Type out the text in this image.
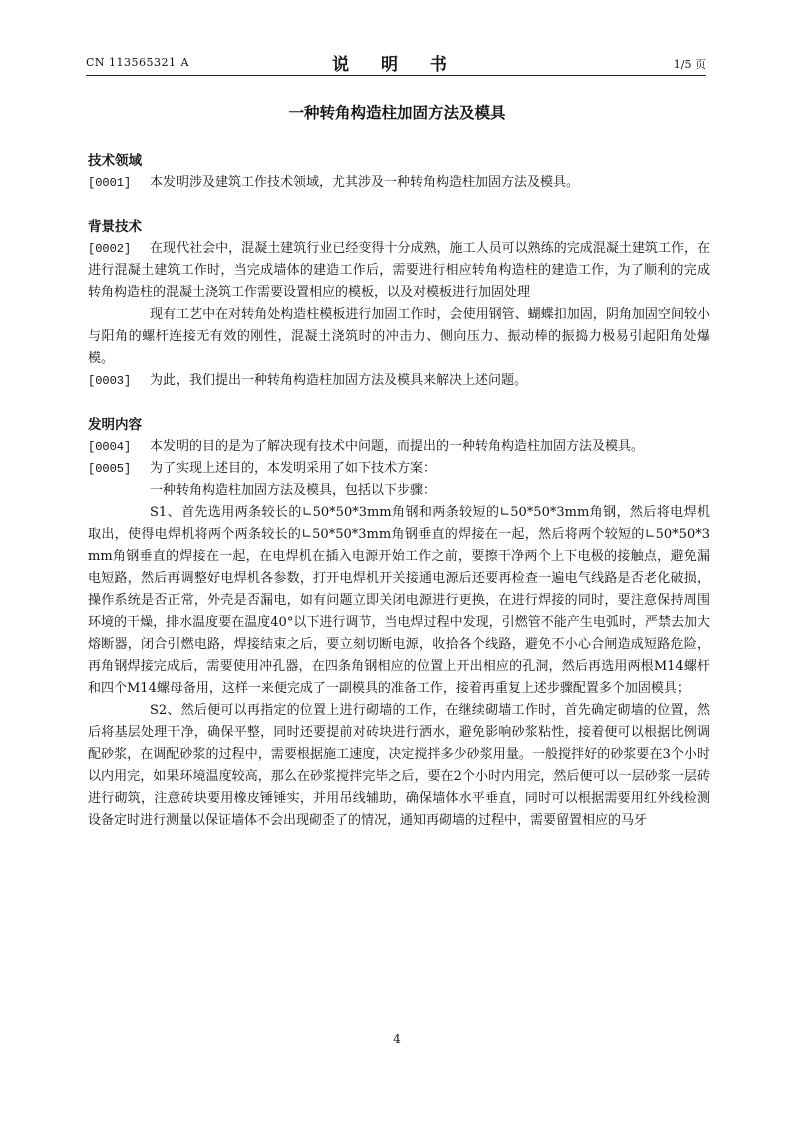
CN 113565321 A	说 明 书	1/5 页
一种转角构造柱加固方法及模具
技术领域
[0001] 本发明涉及建筑工作技术领域，尤其涉及一种转角构造柱加固方法及模具。
背景技术
[0002] 在现代社会中，混凝土建筑行业已经变得十分成熟，施工人员可以熟练的完成混凝土建筑工作，在进行混凝土建筑工作时，当完成墙体的建造工作后，需要进行相应转角构造柱的建造工作，为了顺利的完成转角构造柱的混凝土浇筑工作需要设置相应的模板，以及对模板进行加固处理
现有工艺中在对转角处构造柱模板进行加固工作时，会使用钢管、蝴蝶扣加固，阴角加固空间较小与阳角的螺杆连接无有效的刚性，混凝土浇筑时的冲击力、侧向压力、振动棒的振捣力极易引起阳角处爆模。
[0003] 为此，我们提出一种转角构造柱加固方法及模具来解决上述问题。
发明内容
[0004] 本发明的目的是为了解决现有技术中问题，而提出的一种转角构造柱加固方法及模具。
[0005] 为了实现上述目的，本发明采用了如下技术方案：
一种转角构造柱加固方法及模具，包括以下步骤：
S1、首先选用两条较长的∟50*50*3mm角钢和两条较短的∟50*50*3mm角钢，然后将电焊机取出，使得电焊机将两个两条较长的∟50*50*3mm角钢垂直的焊接在一起，然后将两个较短的∟50*50*3mm角钢垂直的焊接在一起，在电焊机在插入电源开始工作之前，要擦干净两个上下电极的接触点，避免漏电短路，然后再调整好电焊机各参数，打开电焊机开关接通电源后还要再检查一遍电气线路是否老化破损，操作系统是否正常，外壳是否漏电，如有问题立即关闭电源进行更换，在进行焊接的同时，要注意保持周围环境的干燥，排水温度要在温度40°以下进行调节，当电焊过程中发现，引燃管不能产生电弧时，严禁去加大熔断器，闭合引燃电路，焊接结束之后，要立刻切断电源，收拾各个线路，避免不小心合闸造成短路危险，再角钢焊接完成后，需要使用冲孔器，在四条角钢相应的位置上开出相应的孔洞，然后再选用两根M14螺杆和四个M14螺母备用，这样一来便完成了一副模具的准备工作，接着再重复上述步骤配置多个加固模具；
S2、然后便可以再指定的位置上进行砌墙的工作，在继续砌墙工作时，首先确定砌墙的位置，然后将基层处理干净，确保平整，同时还要提前对砖块进行洒水，避免影响砂浆粘性，接着便可以根据比例调配砂浆，在调配砂浆的过程中，需要根据施工速度，决定搅拌多少砂浆用量。一般搅拌好的砂浆要在3个小时以内用完，如果环境温度较高，那么在砂浆搅拌完毕之后，要在2个小时内用完，然后便可以一层砂浆一层砖进行砌筑，注意砖块要用橡皮锤锤实，并用吊线辅助，确保墙体水平垂直，同时可以根据需要用红外线检测设备定时进行测量以保证墙体不会出现砌歪了的情况，通知再砌墙的过程中，需要留置相应的马牙
4
